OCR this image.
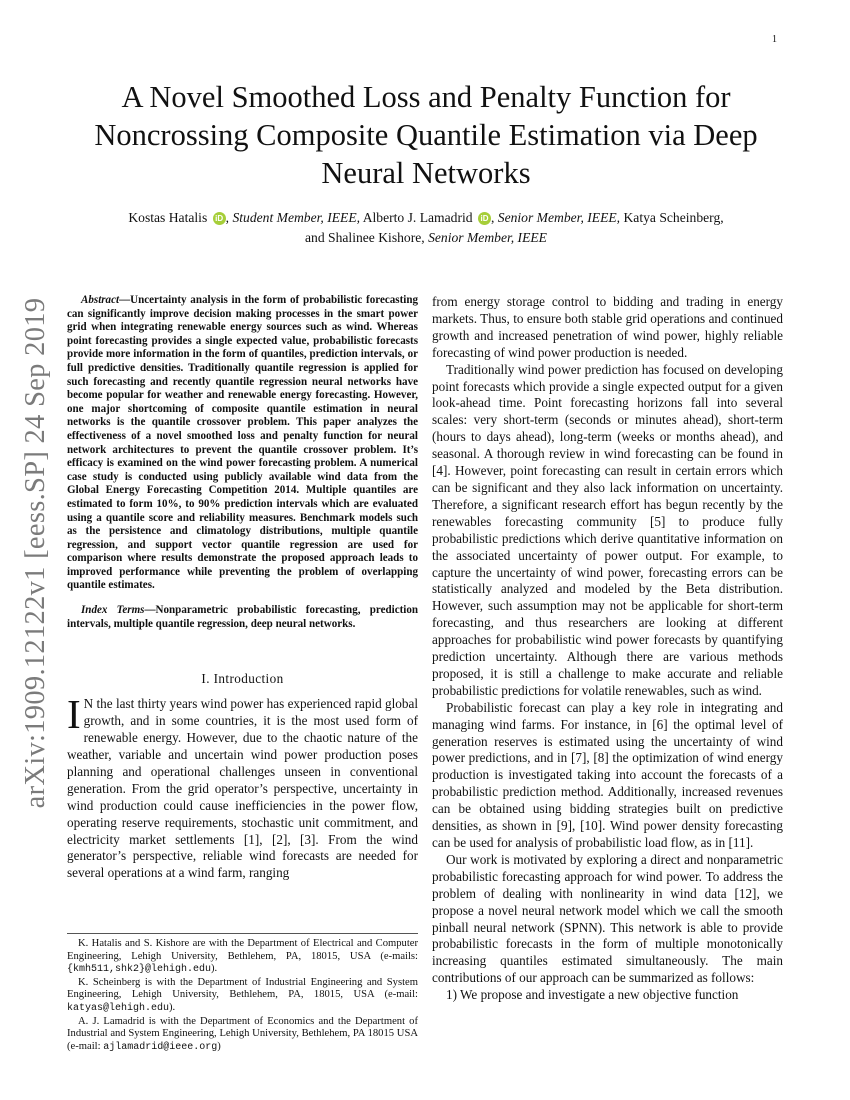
1
arXiv:1909.12122v1 [eess.SP] 24 Sep 2019
A Novel Smoothed Loss and Penalty Function for Noncrossing Composite Quantile Estimation via Deep Neural Networks
Kostas Hatalis iD , Student Member, IEEE, Alberto J. Lamadrid iD , Senior Member, IEEE, Katya Scheinberg,
and Shalinee Kishore, Senior Member, IEEE

Abstract—Uncertainty analysis in the form of probabilistic forecasting can significantly improve decision making processes in the smart power grid when integrating renewable energy sources such as wind. Whereas point forecasting provides a single expected value, probabilistic forecasts provide more information in the form of quantiles, prediction intervals, or full predictive densities. Traditionally quantile regression is applied for such forecasting and recently quantile regression neural networks have become popular for weather and renewable energy forecasting. However, one major shortcoming of composite quantile estimation in neural networks is the quantile crossover problem. This paper analyzes the effectiveness of a novel smoothed loss and penalty function for neural network architectures to prevent the quantile crossover problem. It’s efficacy is examined on the wind power forecasting problem. A numerical case study is conducted using publicly available wind data from the Global Energy Forecasting Competition 2014. Multiple quantiles are estimated to form 10%, to 90% prediction intervals which are evaluated using a quantile score and reliability measures. Benchmark models such as the persistence and climatology distributions, multiple quantile regression, and support vector quantile regression are used for comparison where results demonstrate the proposed approach leads to improved performance while preventing the problem of overlapping quantile estimates.

Index Terms—Nonparametric probabilistic forecasting, prediction intervals, multiple quantile regression, deep neural networks.

I. Introduction

I N the last thirty years wind power has experienced rapid global growth, and in some countries, it is the most used form of renewable energy. However, due to the chaotic nature of the weather, variable and uncertain wind power production poses planning and operational challenges unseen in conventional generation. From the grid operator’s perspective, uncertainty in wind production could cause inefficiencies in the power flow, operating reserve requirements, stochastic unit commitment, and electricity market settlements [1], [2], [3]. From the wind generator’s perspective, reliable wind forecasts are needed for several operations at a wind farm, ranging

K. Hatalis and S. Kishore are with the Department of Electrical and Computer Engineering, Lehigh University, Bethlehem, PA, 18015, USA (e-mails: {kmh511,shk2}@lehigh.edu).

K. Scheinberg is with the Department of Industrial Engineering and System Engineering, Lehigh University, Bethlehem, PA, 18015, USA (e-mail: katyas@lehigh.edu).

A. J. Lamadrid is with the Department of Economics and the Department of Industrial and System Engineering, Lehigh University, Bethlehem, PA 18015 USA (e-mail: ajlamadrid@ieee.org)

from energy storage control to bidding and trading in energy markets. Thus, to ensure both stable grid operations and continued growth and increased penetration of wind power, highly reliable forecasting of wind power production is needed.

Traditionally wind power prediction has focused on developing point forecasts which provide a single expected output for a given look-ahead time. Point forecasting horizons fall into several scales: very short-term (seconds or minutes ahead), short-term (hours to days ahead), long-term (weeks or months ahead), and seasonal. A thorough review in wind forecasting can be found in [4]. However, point forecasting can result in certain errors which can be significant and they also lack information on uncertainty. Therefore, a significant research effort has begun recently by the renewables forecasting community [5] to produce fully probabilistic predictions which derive quantitative information on the associated uncertainty of power output. For example, to capture the uncertainty of wind power, forecasting errors can be statistically analyzed and modeled by the Beta distribution. However, such assumption may not be applicable for short-term forecasting, and thus researchers are looking at different approaches for probabilistic wind power forecasts by quantifying prediction uncertainty. Although there are various methods proposed, it is still a challenge to make accurate and reliable probabilistic predictions for volatile renewables, such as wind.

Probabilistic forecast can play a key role in integrating and managing wind farms. For instance, in [6] the optimal level of generation reserves is estimated using the uncertainty of wind power predictions, and in [7], [8] the optimization of wind energy production is investigated taking into account the forecasts of a probabilistic prediction method. Additionally, increased revenues can be obtained using bidding strategies built on predictive densities, as shown in [9], [10]. Wind power density forecasting can be used for analysis of probabilistic load flow, as in [11].

Our work is motivated by exploring a direct and nonparametric probabilistic forecasting approach for wind power. To address the problem of dealing with nonlinearity in wind data [12], we propose a novel neural network model which we call the smooth pinball neural network (SPNN). This network is able to provide probabilistic forecasts in the form of multiple monotonically increasing quantiles estimated simultaneously. The main contributions of our approach can be summarized as follows:

1) We propose and investigate a new objective function
